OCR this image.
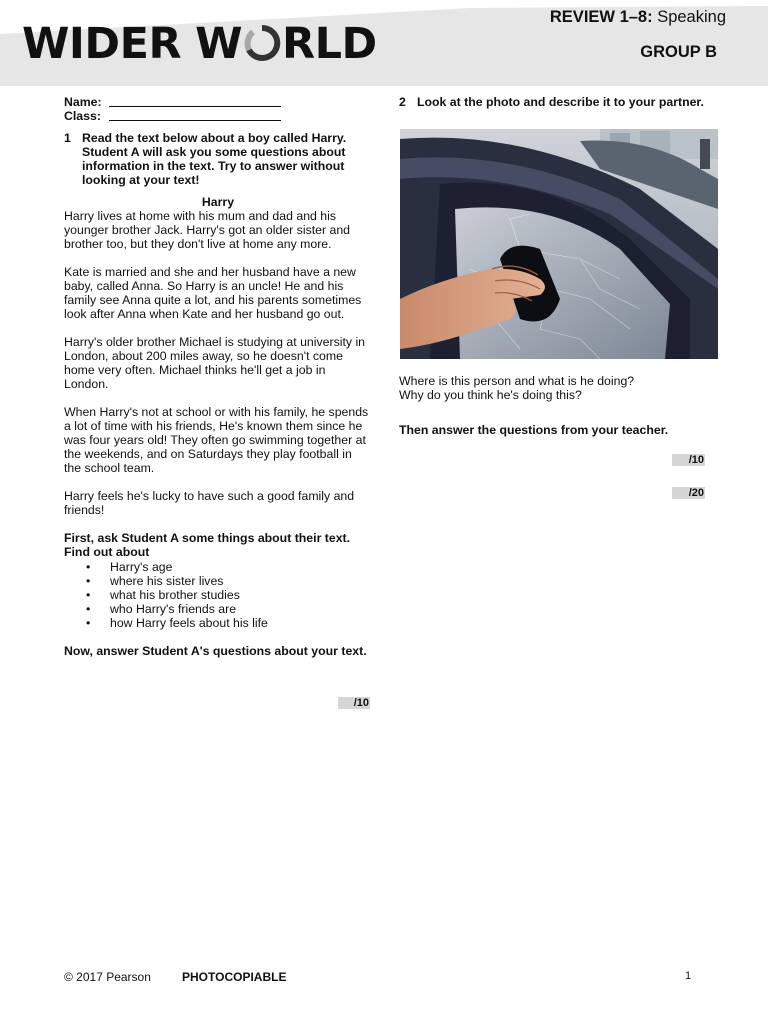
WIDER W RLD
REVIEW 1–8: Speaking
GROUP B
Name:
Class:
1 Read the text below about a boy called Harry. Student A will ask you some questions about information in the text. Try to answer without looking at your text!
Harry

Harry lives at home with his mum and dad and his younger brother Jack. Harry's got an older sister and brother too, but they don't live at home any more.

Kate is married and she and her husband have a new baby, called Anna. So Harry is an uncle! He and his family see Anna quite a lot, and his parents sometimes look after Anna when Kate and her husband go out.

Harry's older brother Michael is studying at university in London, about 200 miles away, so he doesn't come home very often. Michael thinks he'll get a job in London.

When Harry's not at school or with his family, he spends a lot of time with his friends, He's known them since he was four years old! They often go swimming together at the weekends, and on Saturdays they play football in the school team.

Harry feels he's lucky to have such a good family and friends!

First, ask Student A some things about their text. Find out about

• Harry's age
• where his sister lives
• what his brother studies
• who Harry's friends are
• how Harry feels about his life

Now, answer Student A's questions about your text.

/10
2 Look at the photo and describe it to your partner.
Where is this person and what is he doing?
Why do you think he's doing this?
Then answer the questions from your teacher.
/10
/20
© 2017 Pearson	PHOTOCOPIABLE	1
